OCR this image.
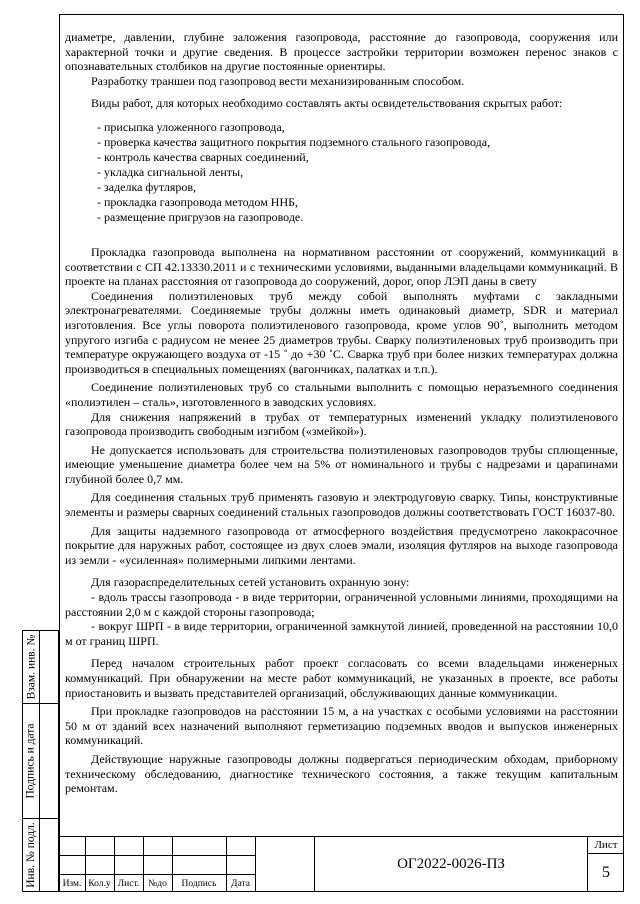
диаметре, давлении, глубине заложения газопровода, расстояние до газопровода, сооружения или характерной точки и другие сведения. В процессе застройки территории возможен перенос знаков с опознавательных столбиков на другие постоянные ориентиры.

Разработку траншеи под газопровод вести механизированным способом.

Виды работ, для которых необходимо составлять акты освидетельствования скрытых работ:

- присыпка уложенного газопровода,
- проверка качества защитного покрытия подземного стального газопровода,
- контроль качества сварных соединений,
- укладка сигнальной ленты,
- заделка футляров,
- прокладка газопровода методом ННБ,
- размещение пригрузов на газопроводе.

Прокладка газопровода выполнена на нормативном расстоянии от сооружений, коммуникаций в соответствии с СП 42.13330.2011 и с техническими условиями, выданными владельцами коммуникаций. В проекте на планах расстояния от газопровода до сооружений, дорог, опор ЛЭП даны в свету

Соединения полиэтиленовых труб между собой выполнять муфтами с закладными электронагревателями. Соединяемые трубы должны иметь одинаковый диаметр, SDR и материал изготовления. Все углы поворота полиэтиленового газопровода, кроме углов 90˚, выполнить методом упругого изгиба с радиусом не менее 25 диаметров трубы. Сварку полиэтиленовых труб производить при температуре окружающего воздуха от -15 ˚ до +30 ˚С. Сварка труб при более низких температурах должна производиться в специальных помещениях (вагончиках, палатках и т.п.).

Соединение полиэтиленовых труб со стальными выполнить с помощью неразъемного соединения «полиэтилен – сталь», изготовленного в заводских условиях.

Для снижения напряжений в трубах от температурных изменений укладку полиэтиленового газопровода производить свободным изгибом («змейкой»).

Не допускается использовать для строительства полиэтиленовых газопроводов трубы сплющенные, имеющие уменьшение диаметра более чем на 5% от номинального и трубы с надрезами и царапинами глубиной более 0,7 мм.

Для соединения стальных труб применять газовую и электродуговую сварку. Типы, конструктивные элементы и размеры сварных соединений стальных газопроводов должны соответствовать ГОСТ 16037-80.

Для защиты надземного газопровода от атмосферного воздействия предусмотрено лакокрасочное покрытие для наружных работ, состоящее из двух слоев эмали, изоляция футляров на выходе газопровода из земли - «усиленная» полимерными липкими лентами.

Для газораспределительных сетей установить охранную зону:

- вдоль трассы газопровода - в виде территории, ограниченной условными линиями, проходящими на расстоянии 2,0 м с каждой стороны газопровода;

- вокруг ШРП - в виде территории, ограниченной замкнутой линией, проведенной на расстоянии 10,0 м от границ ШРП.

Перед началом строительных работ проект согласовать со всеми владельцами инженерных коммуникаций. При обнаружении на месте работ коммуникаций, не указанных в проекте, все работы приостановить и вызвать представителей организаций, обслуживающих данные коммуникации.

При прокладке газопроводов на расстоянии 15 м, а на участках с особыми условиями на расстоянии 50 м от зданий всех назначений выполняют герметизацию подземных вводов и выпусков инженерных коммуникаций.

Действующие наружные газопроводы должны подвергаться периодическим обходам, приборному техническому обследованию, диагностике технического состояния, а также текущим капитальным ремонтам.

Взам. инв. №
Подпись и дата
Инв. № подл.	Изм. Кол.у Лист. №до	Подпись	Дата
ОГ2022-0026-ПЗ
Лист
5
